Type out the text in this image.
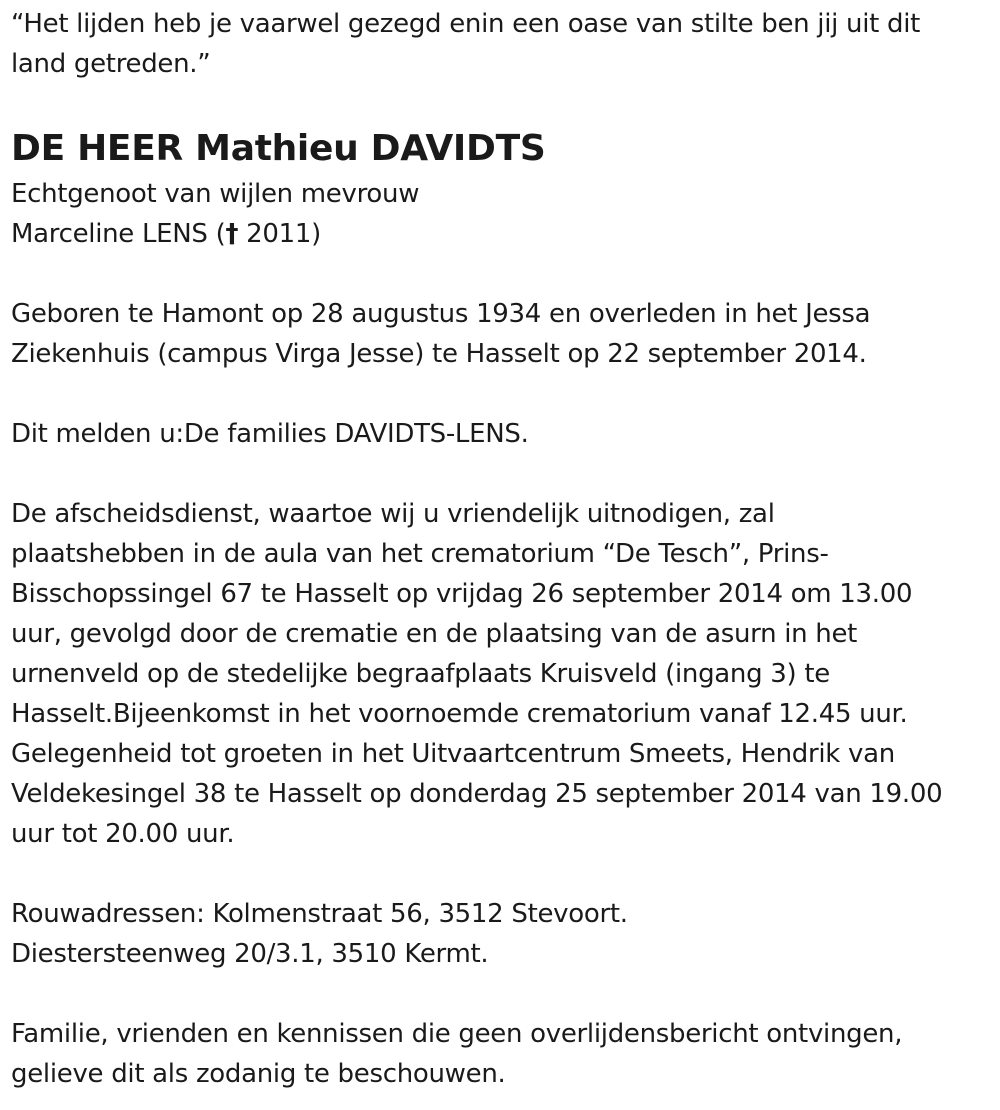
“Het lijden heb je vaarwel gezegd enin een oase van stilte ben jij uit dit
land getreden.”

DE HEER Mathieu DAVIDTS

Echtgenoot van wijlen mevrouw
Marceline LENS († 2011)

Geboren te Hamont op 28 augustus 1934 en overleden in het Jessa
Ziekenhuis (campus Virga Jesse) te Hasselt op 22 september 2014.

Dit melden u:De families DAVIDTS-LENS.

De afscheidsdienst, waartoe wij u vriendelijk uitnodigen, zal
plaatshebben in de aula van het crematorium “De Tesch”, Prins-
Bisschopssingel 67 te Hasselt op vrijdag 26 september 2014 om 13.00
uur, gevolgd door de crematie en de plaatsing van de asurn in het
urnenveld op de stedelijke begraafplaats Kruisveld (ingang 3) te
Hasselt.Bijeenkomst in het voornoemde crematorium vanaf 12.45 uur.
Gelegenheid tot groeten in het Uitvaartcentrum Smeets, Hendrik van
Veldekesingel 38 te Hasselt op donderdag 25 september 2014 van 19.00
uur tot 20.00 uur.

Rouwadressen: Kolmenstraat 56, 3512 Stevoort.
Diestersteenweg 20/3.1, 3510 Kermt.

Familie, vrienden en kennissen die geen overlijdensbericht ontvingen,
gelieve dit als zodanig te beschouwen.
